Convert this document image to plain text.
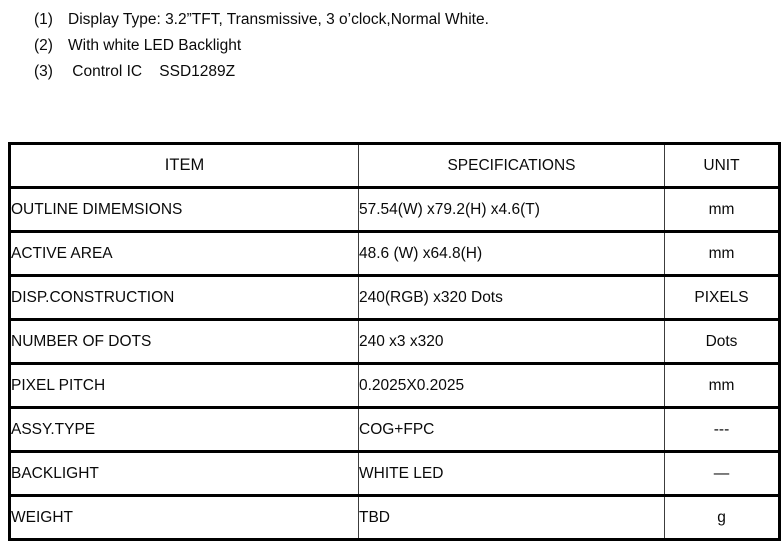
(1) Display Type: 3.2”TFT, Transmissive, 3 o’clock,Normal White.
(2) With white LED Backlight
(3) Control IC    SSD1289Z
ITEM	SPECIFICATIONS	UNIT
OUTLINE DIMEMSIONS	57.54(W) x79.2(H) x4.6(T)	mm
ACTIVE AREA	48.6 (W) x64.8(H)	mm
DISP.CONSTRUCTION	240(RGB) x320 Dots	PIXELS
NUMBER OF DOTS	240 x3 x320	Dots
PIXEL PITCH	0.2025X0.2025	mm
ASSY.TYPE	COG+FPC	---
BACKLIGHT	WHITE LED	—
WEIGHT	TBD	g
